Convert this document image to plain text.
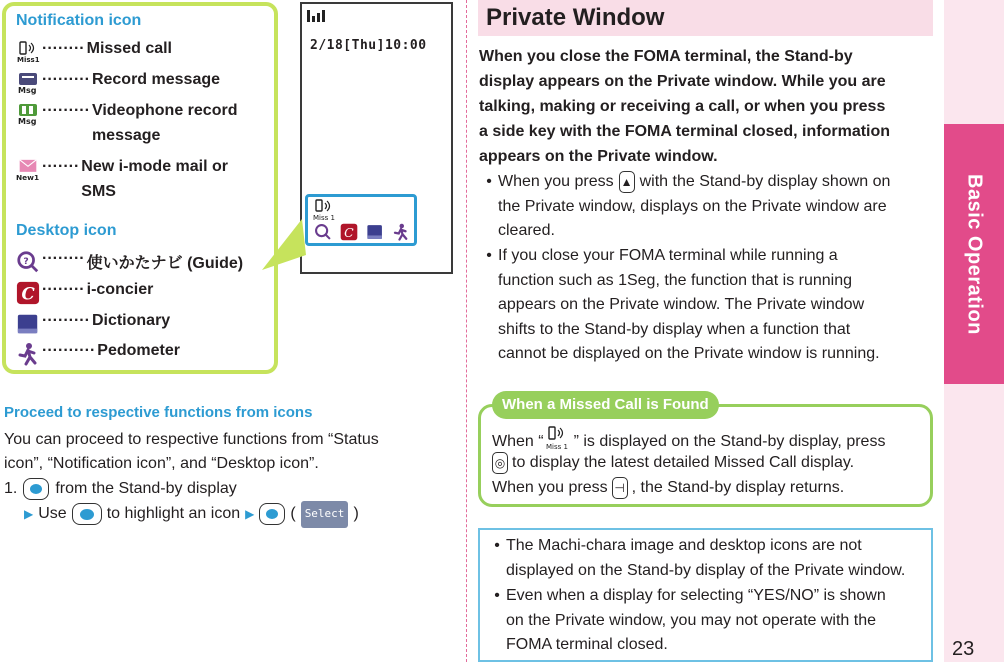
Notification icon
Miss1
········ Missed call
Msg
········· Record message
Msg
········· Videophone record
message
New1
······· New i-mode mail or
SMS
Desktop icon
? ········ 使いかたナビ (Guide)
C ········ i-concier
········· Dictionary
·········· Pedometer
2/18[Thu]10:00
Miss 1
C
Proceed to respective functions from icons
You can proceed to respective functions from “Status
icon”, “Notification icon”, and “Desktop icon”.
1. from the Stand-by display
▶ Use	to highlight an icon ▶ ( Select )
Private Window
When you close the FOMA terminal, the Stand-by
display appears on the Private window. While you are
talking, making or receiving a call, or when you press
a side key with the FOMA terminal closed, information
appears on the Private window.
• When you press ▲ with the Stand-by display shown on
the Private window, displays on the Private window are
cleared.
• If you close your FOMA terminal while running a
function such as 1Seg, the function that is running
appears on the Private window. The Private window
shifts to the Stand-by display when a function that
cannot be displayed on the Private window is running.
When a Missed Call is Found
When “ Miss 1 ” is displayed on the Stand-by display, press
◎ to display the latest detailed Missed Call display.
When you press ⊣ , the Stand-by display returns.
• The Machi-chara image and desktop icons are not
displayed on the Stand-by display of the Private window.
• Even when a display for selecting “YES/NO” is shown
on the Private window, you may not operate with the
FOMA terminal closed.
Basic Operation
23
